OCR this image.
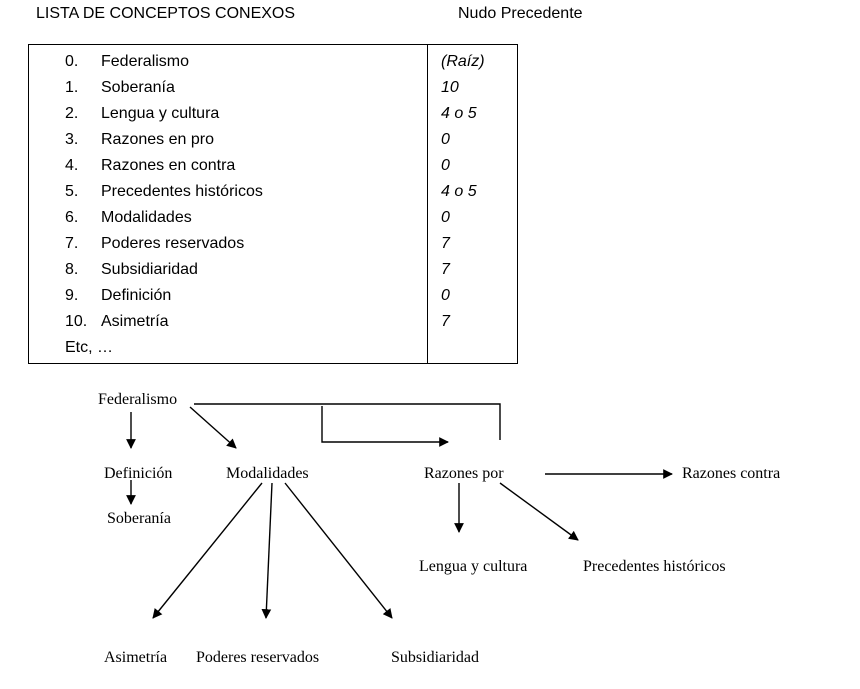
LISTA DE CONCEPTOS CONEXOS	Nudo Precedente
0.	Federalismo	(Raíz)
1.	Soberanía	10
2.	Lengua y cultura	4 o 5
3.	Razones en pro	0
4.	Razones en contra	0
5.	Precedentes históricos	4 o 5
6.	Modalidades	0
7.	Poderes reservados	7
8.	Subsidiaridad	7
9.	Definición	0
10. Asimetría	7
Etc, …
Federalismo
Definición	Modalidades	Razones por	Razones contra
Soberanía
Lengua y cultura	Precedentes históricos
Asimetría Poderes reservados	Subsidiaridad
